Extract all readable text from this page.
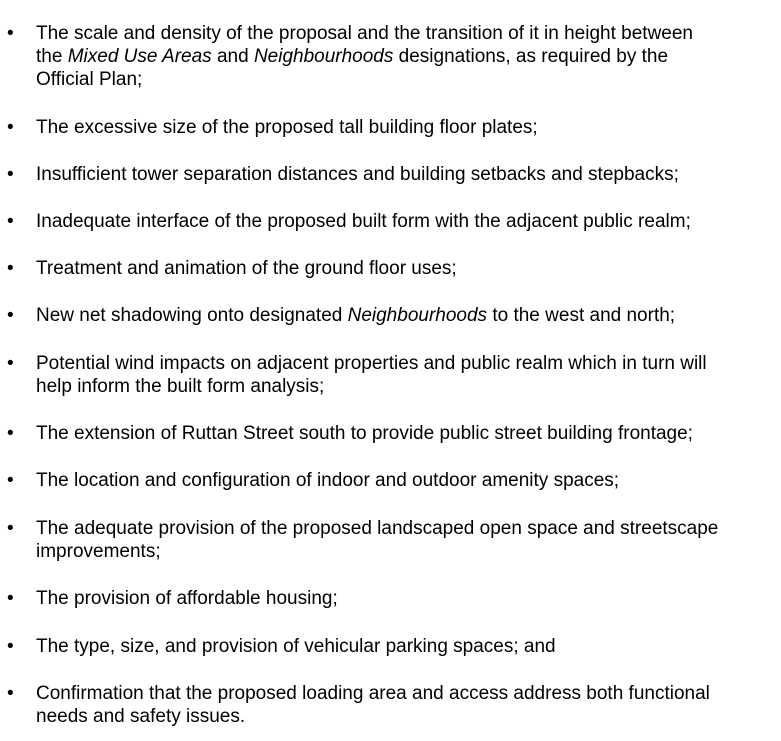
• The scale and density of the proposal and the transition of it in height between
the Mixed Use Areas and Neighbourhoods designations, as required by the
Official Plan;
• The excessive size of the proposed tall building floor plates;
• Insufficient tower separation distances and building setbacks and stepbacks;
• Inadequate interface of the proposed built form with the adjacent public realm;
• Treatment and animation of the ground floor uses;
• New net shadowing onto designated Neighbourhoods to the west and north;
• Potential wind impacts on adjacent properties and public realm which in turn will
help inform the built form analysis;
• The extension of Ruttan Street south to provide public street building frontage;
• The location and configuration of indoor and outdoor amenity spaces;
• The adequate provision of the proposed landscaped open space and streetscape
improvements;
• The provision of affordable housing;
• The type, size, and provision of vehicular parking spaces; and
• Confirmation that the proposed loading area and access address both functional
needs and safety issues.
